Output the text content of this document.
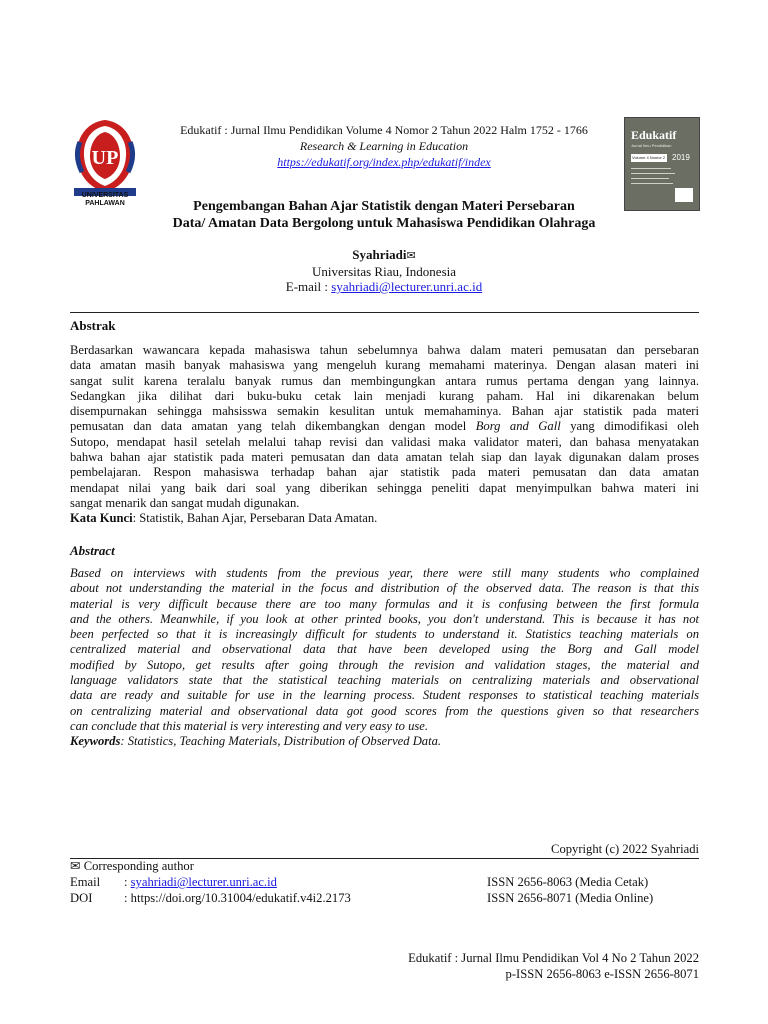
UP
UNIVERSITAS PAHLAWAN
Edukatif : Jurnal Ilmu Pendidikan Volume 4 Nomor 2 Tahun 2022 Halm 1752 - 1766
Research & Learning in Education
https://edukatif.org/index.php/edukatif/index
Edukatif
Jurnal Ilmu Pendidikan
Volume 4 Nomor 2 2019
Pengembangan Bahan Ajar Statistik dengan Materi Persebaran
Data/ Amatan Data Bergolong untuk Mahasiswa Pendidikan Olahraga
Syahriadi✉
Universitas Riau, Indonesia
E-mail : syahriadi@lecturer.unri.ac.id
Abstrak
Berdasarkan wawancara kepada mahasiswa tahun sebelumnya bahwa dalam materi pemusatan dan persebaran
data amatan masih banyak mahasiswa yang mengeluh kurang memahami materinya. Dengan alasan materi ini
sangat sulit karena teralalu banyak rumus dan membingungkan antara rumus pertama dengan yang lainnya.
Sedangkan jika dilihat dari buku-buku cetak lain menjadi kurang paham. Hal ini dikarenakan belum
disempurnakan sehingga mahsisswa semakin kesulitan untuk memahaminya. Bahan ajar statistik pada materi
pemusatan dan data amatan yang telah dikembangkan dengan model Borg and Gall yang dimodifikasi oleh
Sutopo, mendapat hasil setelah melalui tahap revisi dan validasi maka validator materi, dan bahasa menyatakan
bahwa bahan ajar statistik pada materi pemusatan dan data amatan telah siap dan layak digunakan dalam proses
pembelajaran. Respon mahasiswa terhadap bahan ajar statistik pada materi pemusatan dan data amatan
mendapat nilai yang baik dari soal yang diberikan sehingga peneliti dapat menyimpulkan bahwa materi ini
sangat menarik dan sangat mudah digunakan.
Kata Kunci: Statistik, Bahan Ajar, Persebaran Data Amatan.
Abstract
Based on interviews with students from the previous year, there were still many students who complained
about not understanding the material in the focus and distribution of the observed data. The reason is that this
material is very difficult because there are too many formulas and it is confusing between the first formula
and the others. Meanwhile, if you look at other printed books, you don't understand. This is because it has not
been perfected so that it is increasingly difficult for students to understand it. Statistics teaching materials on
centralized material and observational data that have been developed using the Borg and Gall model
modified by Sutopo, get results after going through the revision and validation stages, the material and
language validators state that the statistical teaching materials on centralizing materials and observational
data are ready and suitable for use in the learning process. Student responses to statistical teaching materials
on centralizing material and observational data got good scores from the questions given so that researchers
can conclude that this material is very interesting and very easy to use.
Keywords: Statistics, Teaching Materials, Distribution of Observed Data.
Copyright (c) 2022 Syahriadi
✉ Corresponding author
Email : syahriadi@lecturer.unri.ac.id
DOI	: https://doi.org/10.31004/edukatif.v4i2.2173
ISSN 2656-8063 (Media Cetak)
ISSN 2656-8071 (Media Online)
Edukatif : Jurnal Ilmu Pendidikan Vol 4 No 2 Tahun 2022
p-ISSN 2656-8063 e-ISSN 2656-8071
